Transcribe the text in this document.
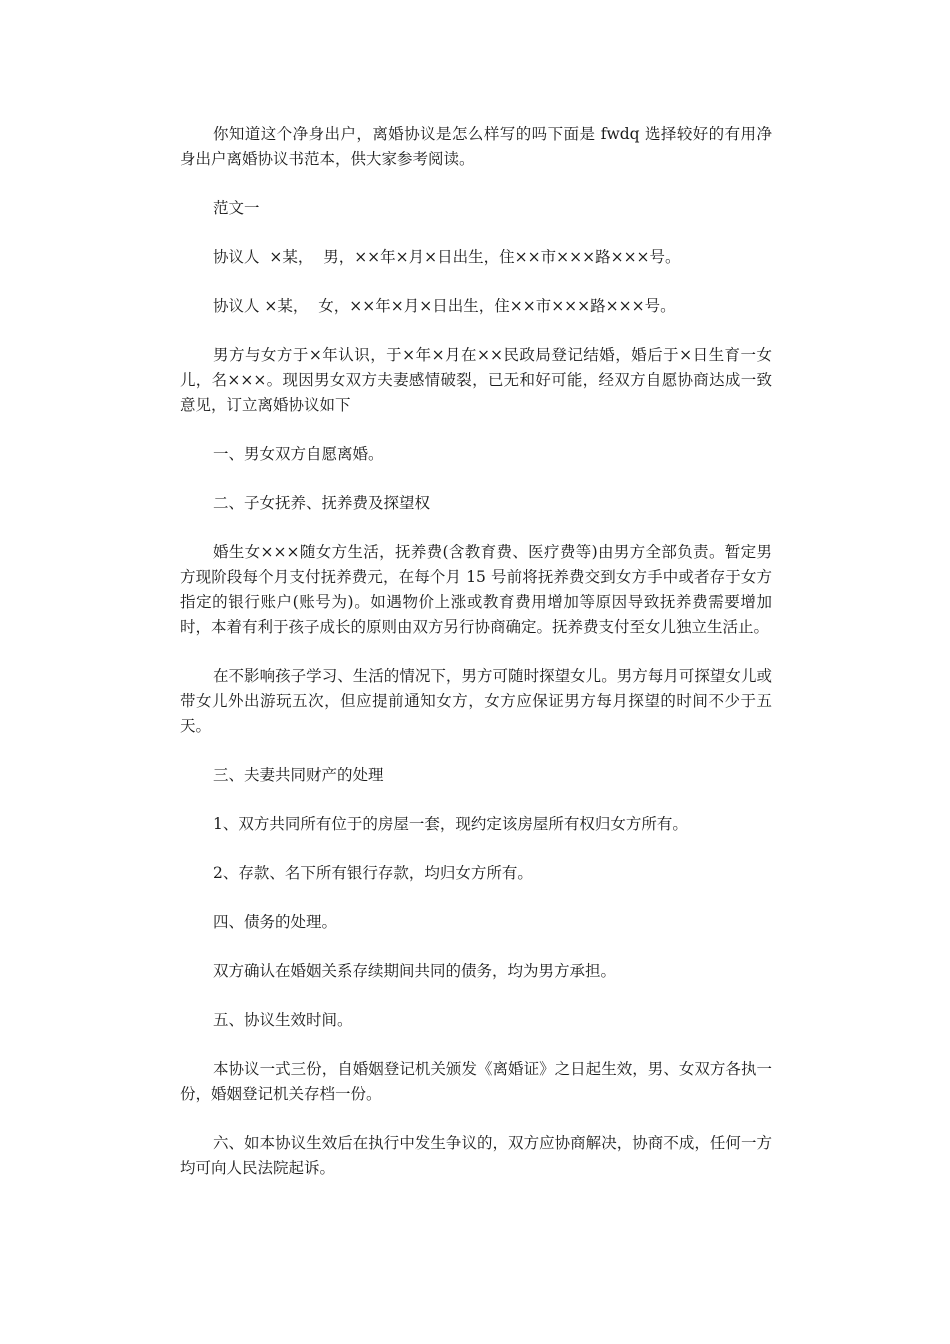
你知道这个净身出户，离婚协议是怎么样写的吗下面是 fwdq 选择较好的有用净身出户离婚协议书范本，供大家参考阅读。

范文一

协议人  ×某，  男，××年×月×日出生，住××市×××路×××号。

协议人 ×某，  女，××年×月×日出生，住××市×××路×××号。

男方与女方于×年认识，于×年×月在××民政局登记结婚，婚后于×日生育一女儿，名×××。现因男女双方夫妻感情破裂，已无和好可能，经双方自愿协商达成一致意见，订立离婚协议如下

一、男女双方自愿离婚。

二、子女抚养、抚养费及探望权

婚生女×××随女方生活，抚养费(含教育费、医疗费等)由男方全部负责。暂定男方现阶段每个月支付抚养费元，在每个月 15 号前将抚养费交到女方手中或者存于女方指定的银行账户(账号为)。如遇物价上涨或教育费用增加等原因导致抚养费需要增加时，本着有利于孩子成长的原则由双方另行协商确定。抚养费支付至女儿独立生活止。

在不影响孩子学习、生活的情况下，男方可随时探望女儿。男方每月可探望女儿或带女儿外出游玩五次，但应提前通知女方，女方应保证男方每月探望的时间不少于五天。

三、夫妻共同财产的处理

1、双方共同所有位于的房屋一套，现约定该房屋所有权归女方所有。

2、存款、名下所有银行存款，均归女方所有。

四、债务的处理。

双方确认在婚姻关系存续期间共同的债务，均为男方承担。

五、协议生效时间。

本协议一式三份，自婚姻登记机关颁发《离婚证》之日起生效，男、女双方各执一份，婚姻登记机关存档一份。

六、如本协议生效后在执行中发生争议的，双方应协商解决，协商不成，任何一方均可向人民法院起诉。
